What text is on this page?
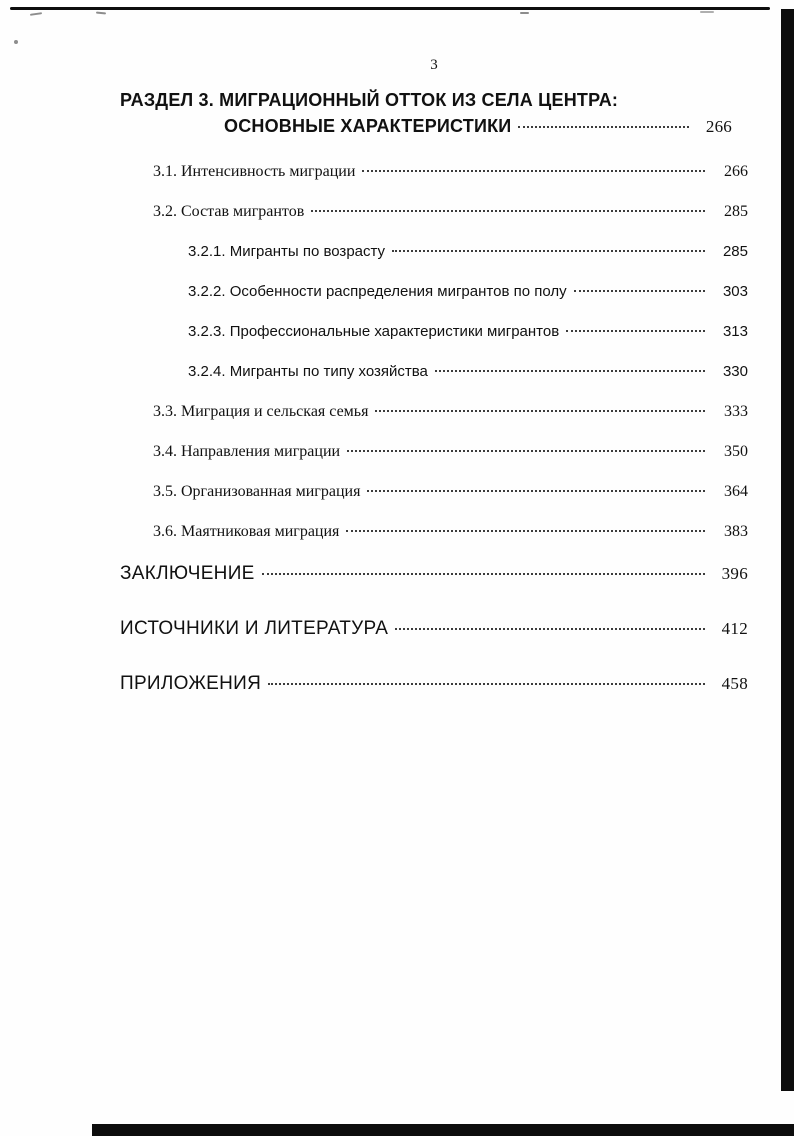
3
РАЗДЕЛ 3. МИГРАЦИОННЫЙ ОТТОК ИЗ СЕЛА ЦЕНТРА:
ОСНОВНЫЕ ХАРАКТЕРИСТИКИ	266
3.1. Интенсивность миграции	266
3.2. Состав мигрантов	285
3.2.1. Мигранты по возрасту	285
3.2.2. Особенности распределения мигрантов по полу	303
3.2.3. Профессиональные характеристики мигрантов	313
3.2.4. Мигранты по типу хозяйства	330
3.3. Миграция и сельская семья	333
3.4. Направления миграции	350
3.5. Организованная миграция	364
3.6. Маятниковая миграция	383
ЗАКЛЮЧЕНИЕ	396
ИСТОЧНИКИ И ЛИТЕРАТУРА	412
ПРИЛОЖЕНИЯ	458
